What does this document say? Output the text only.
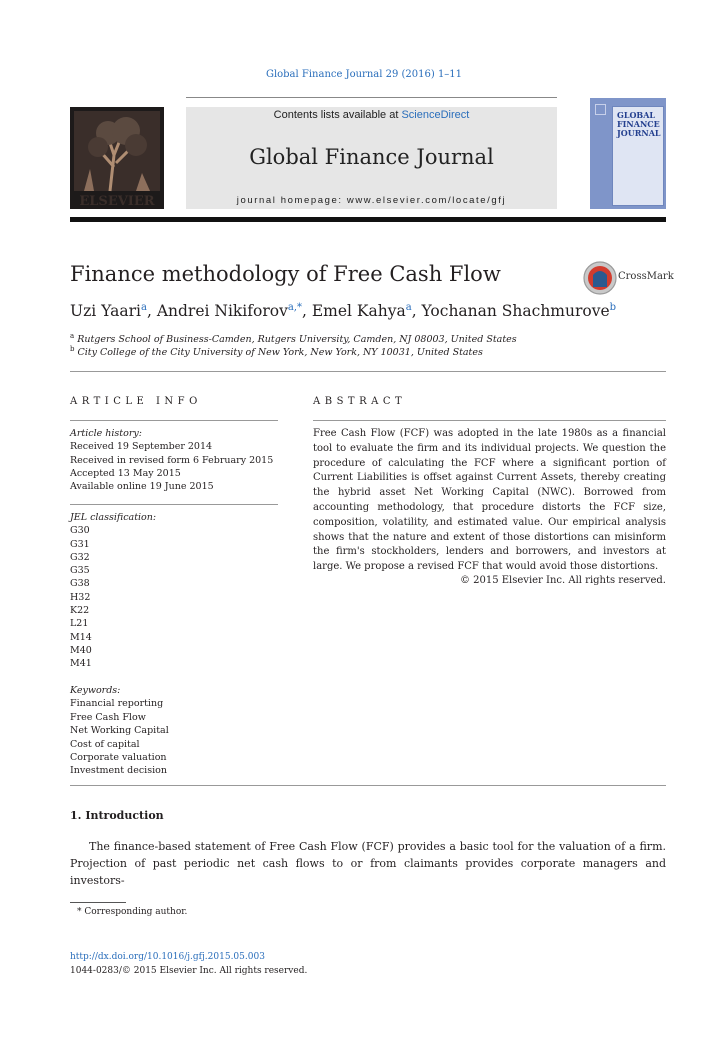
Global Finance Journal 29 (2016) 1–11
ELSEVIER
Contents lists available at ScienceDirect
Global Finance Journal
journal homepage: www.elsevier.com/locate/gfj
GLOBAL FINANCE JOURNAL
Finance methodology of Free Cash Flow	CrossMark
Uzi Yaari$^a$, Andrei Nikiforov$^{a,*}$, Emel Kahya$^a$, Yochanan Shachmurove$^b$
$^a$ Rutgers School of Business-Camden, Rutgers University, Camden, NJ 08003, United States
$^b$ City College of the City University of New York, New York, NY 10031, United States
ARTICLE INFO
Article history:
Received 19 September 2014
Received in revised form 6 February 2015
Accepted 13 May 2015
Available online 19 June 2015
JEL classification:
G30
G31
G32
G35
G38
H32
K22
L21
M14
M40
M41
Keywords:
Financial reporting
Free Cash Flow
Net Working Capital
Cost of capital
Corporate valuation
Investment decision
ABSTRACT
Free Cash Flow (FCF) was adopted in the late 1980s as a financial tool to evaluate the firm and its individual projects. We question the procedure of calculating the FCF where a significant portion of Current Liabilities is offset against Current Assets, thereby creating the hybrid asset Net Working Capital (NWC). Borrowed from accounting methodology, that procedure distorts the FCF size, composition, volatility, and estimated value. Our empirical analysis shows that the nature and extent of those distortions can misinform the firm's stockholders, lenders and borrowers, and investors at large. We propose a revised FCF that would avoid those distortions.
© 2015 Elsevier Inc. All rights reserved.
1. Introduction
The finance-based statement of Free Cash Flow (FCF) provides a basic tool for the valuation of a firm. Projection of past periodic net cash flows to or from claimants provides corporate managers and investors-
* Corresponding author.
http://dx.doi.org/10.1016/j.gfj.2015.05.003
1044-0283/© 2015 Elsevier Inc. All rights reserved.
